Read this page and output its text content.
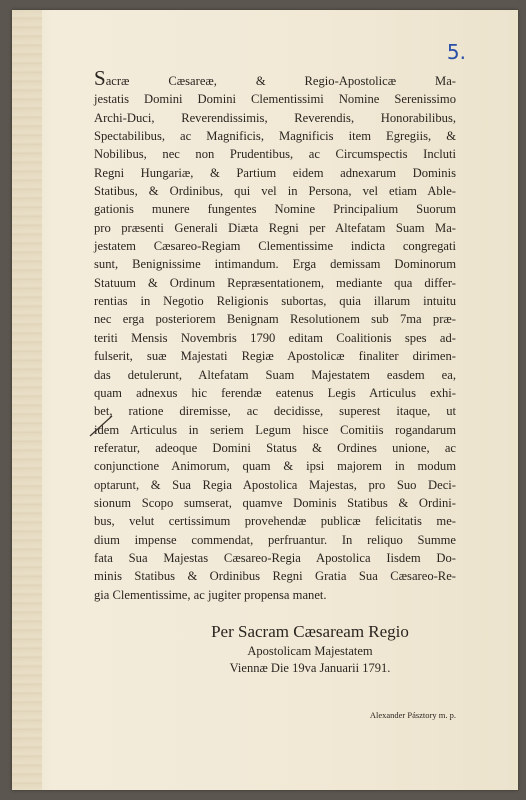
5.
Sacræ Cæsareæ, & Regio-Apostolicæ Ma-
jestatis Domini Domini Clementissimi Nomine Serenissimo
Archi-Duci, Reverendissimis, Reverendis, Honorabilibus,
Spectabilibus, ac Magnificis, Magnificis item Egregiis, &
Nobilibus, nec non Prudentibus, ac Circumspectis Incluti
Regni Hungariæ, & Partium eidem adnexarum Dominis
Statibus, & Ordinibus, qui vel in Persona, vel etiam Able-
gationis munere fungentes Nomine Principalium Suorum
pro præsenti Generali Diæta Regni per Altefatam Suam Ma-
jestatem Cæsareo-Regiam Clementissime indicta congregati
sunt, Benignissime intimandum. Erga demissam Dominorum
Statuum & Ordinum Repræsentationem, mediante qua differ-
rentias in Negotio Religionis subortas, quia illarum intuitu
nec erga posteriorem Benignam Resolutionem sub 7ma præ-
teriti Mensis Novembris 1790 editam Coalitionis spes ad-
fulserit, suæ Majestati Regiæ Apostolicæ finaliter dirimen-
das detulerunt, Altefatam Suam Majestatem easdem ea,
quam adnexus hic ferendæ eatenus Legis Articulus exhi-
bet, ratione diremisse, ac decidisse, superest itaque, ut
idem Articulus in seriem Legum hisce Comitiis rogandarum
referatur, adeoque Domini Status & Ordines unione, ac
conjunctione Animorum, quam & ipsi majorem in modum
optarunt, & Sua Regia Apostolica Majestas, pro Suo Deci-
sionum Scopo sumserat, quamve Dominis Statibus & Ordini-
bus, velut certissimum provehendæ publicæ felicitatis me-
dium impense commendat, perfruantur. In reliquo Summe
fata Sua Majestas Cæsareo-Regia Apostolica Iisdem Do-
minis Statibus & Ordinibus Regni Gratia Sua Cæsareo-Re-
gia Clementissime, ac jugiter propensa manet.
Per Sacram Cæsaream Regio
Apostolicam Majestatem
Viennæ Die 19va Januarii 1791.
Alexander Pásztory m. p.
